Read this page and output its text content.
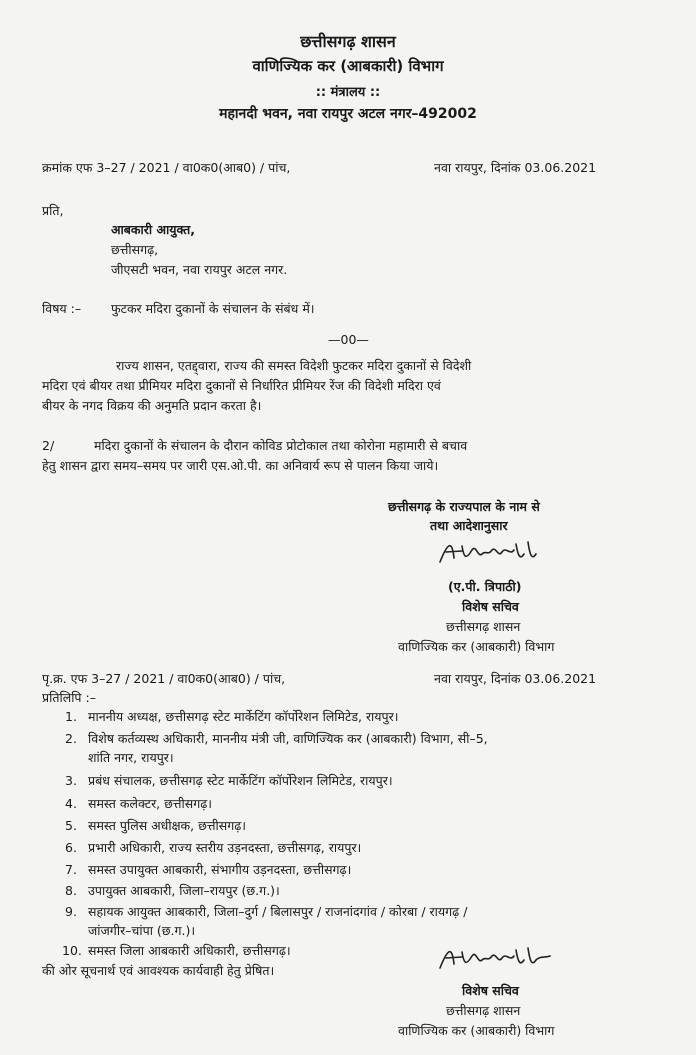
छत्तीसगढ़ शासन
वाणिज्यिक कर (आबकारी) विभाग
:: मंत्रालय ::
महानदी भवन, नवा रायपुर अटल नगर–492002
क्रमांक एफ 3–27 / 2021 / वा0क0(आब0) / पांच,	नवा रायपुर, दिनांक 03.06.2021
प्रति,
आबकारी आयुक्त,
छत्तीसगढ़,
जीएसटी भवन, नवा रायपुर अटल नगर.
विषय :– फुटकर मदिरा दुकानों के संचालन के संबंध में।
—00—
राज्य शासन, एतद्द्वारा, राज्य की समस्त विदेशी फुटकर मदिरा दुकानों से विदेशी
मदिरा एवं बीयर तथा प्रीमियर मदिरा दुकानों से निर्धारित प्रीमियर रेंज की विदेशी मदिरा एवं
बीयर के नगद विक्रय की अनुमति प्रदान करता है।
2/	मदिरा दुकानों के संचालन के दौरान कोविड प्रोटोकाल तथा कोरोना महामारी से बचाव
हेतु शासन द्वारा समय–समय पर जारी एस.ओ.पी. का अनिवार्य रूप से पालन किया जाये।
छत्तीसगढ़ के राज्यपाल के नाम से
तथा आदेशानुसार
(ए.पी. त्रिपाठी)
विशेष सचिव
छत्तीसगढ़ शासन
वाणिज्यिक कर (आबकारी) विभाग
पृ.क्र. एफ 3–27 / 2021 / वा0क0(आब0) / पांच,	नवा रायपुर, दिनांक 03.06.2021
प्रतिलिपि :–
1. माननीय अध्यक्ष, छत्तीसगढ़ स्टेट मार्केटिंग कॉर्पोरेशन लिमिटेड, रायपुर।
2. विशेष कर्तव्यस्थ अधिकारी, माननीय मंत्री जी, वाणिज्यिक कर (आबकारी) विभाग, सी–5,
शांति नगर, रायपुर।
3. प्रबंध संचालक, छत्तीसगढ़ स्टेट मार्केटिंग कॉर्पोरेशन लिमिटेड, रायपुर।
4. समस्त कलेक्टर, छत्तीसगढ़।
5. समस्त पुलिस अधीक्षक, छत्तीसगढ़।
6. प्रभारी अधिकारी, राज्य स्तरीय उड़नदस्ता, छत्तीसगढ़, रायपुर।
7. समस्त उपायुक्त आबकारी, संभागीय उड़नदस्ता, छत्तीसगढ़।
8. उपायुक्त आबकारी, जिला–रायपुर (छ.ग.)।
9. सहायक आयुक्त आबकारी, जिला–दुर्ग / बिलासपुर / राजनांदगांव / कोरबा / रायगढ़ /
जांजगीर–चांपा (छ.ग.)।
10. समस्त जिला आबकारी अधिकारी, छत्तीसगढ़।
की ओर सूचनार्थ एवं आवश्यक कार्यवाही हेतु प्रेषित।
विशेष सचिव
छत्तीसगढ़ शासन
वाणिज्यिक कर (आबकारी) विभाग
